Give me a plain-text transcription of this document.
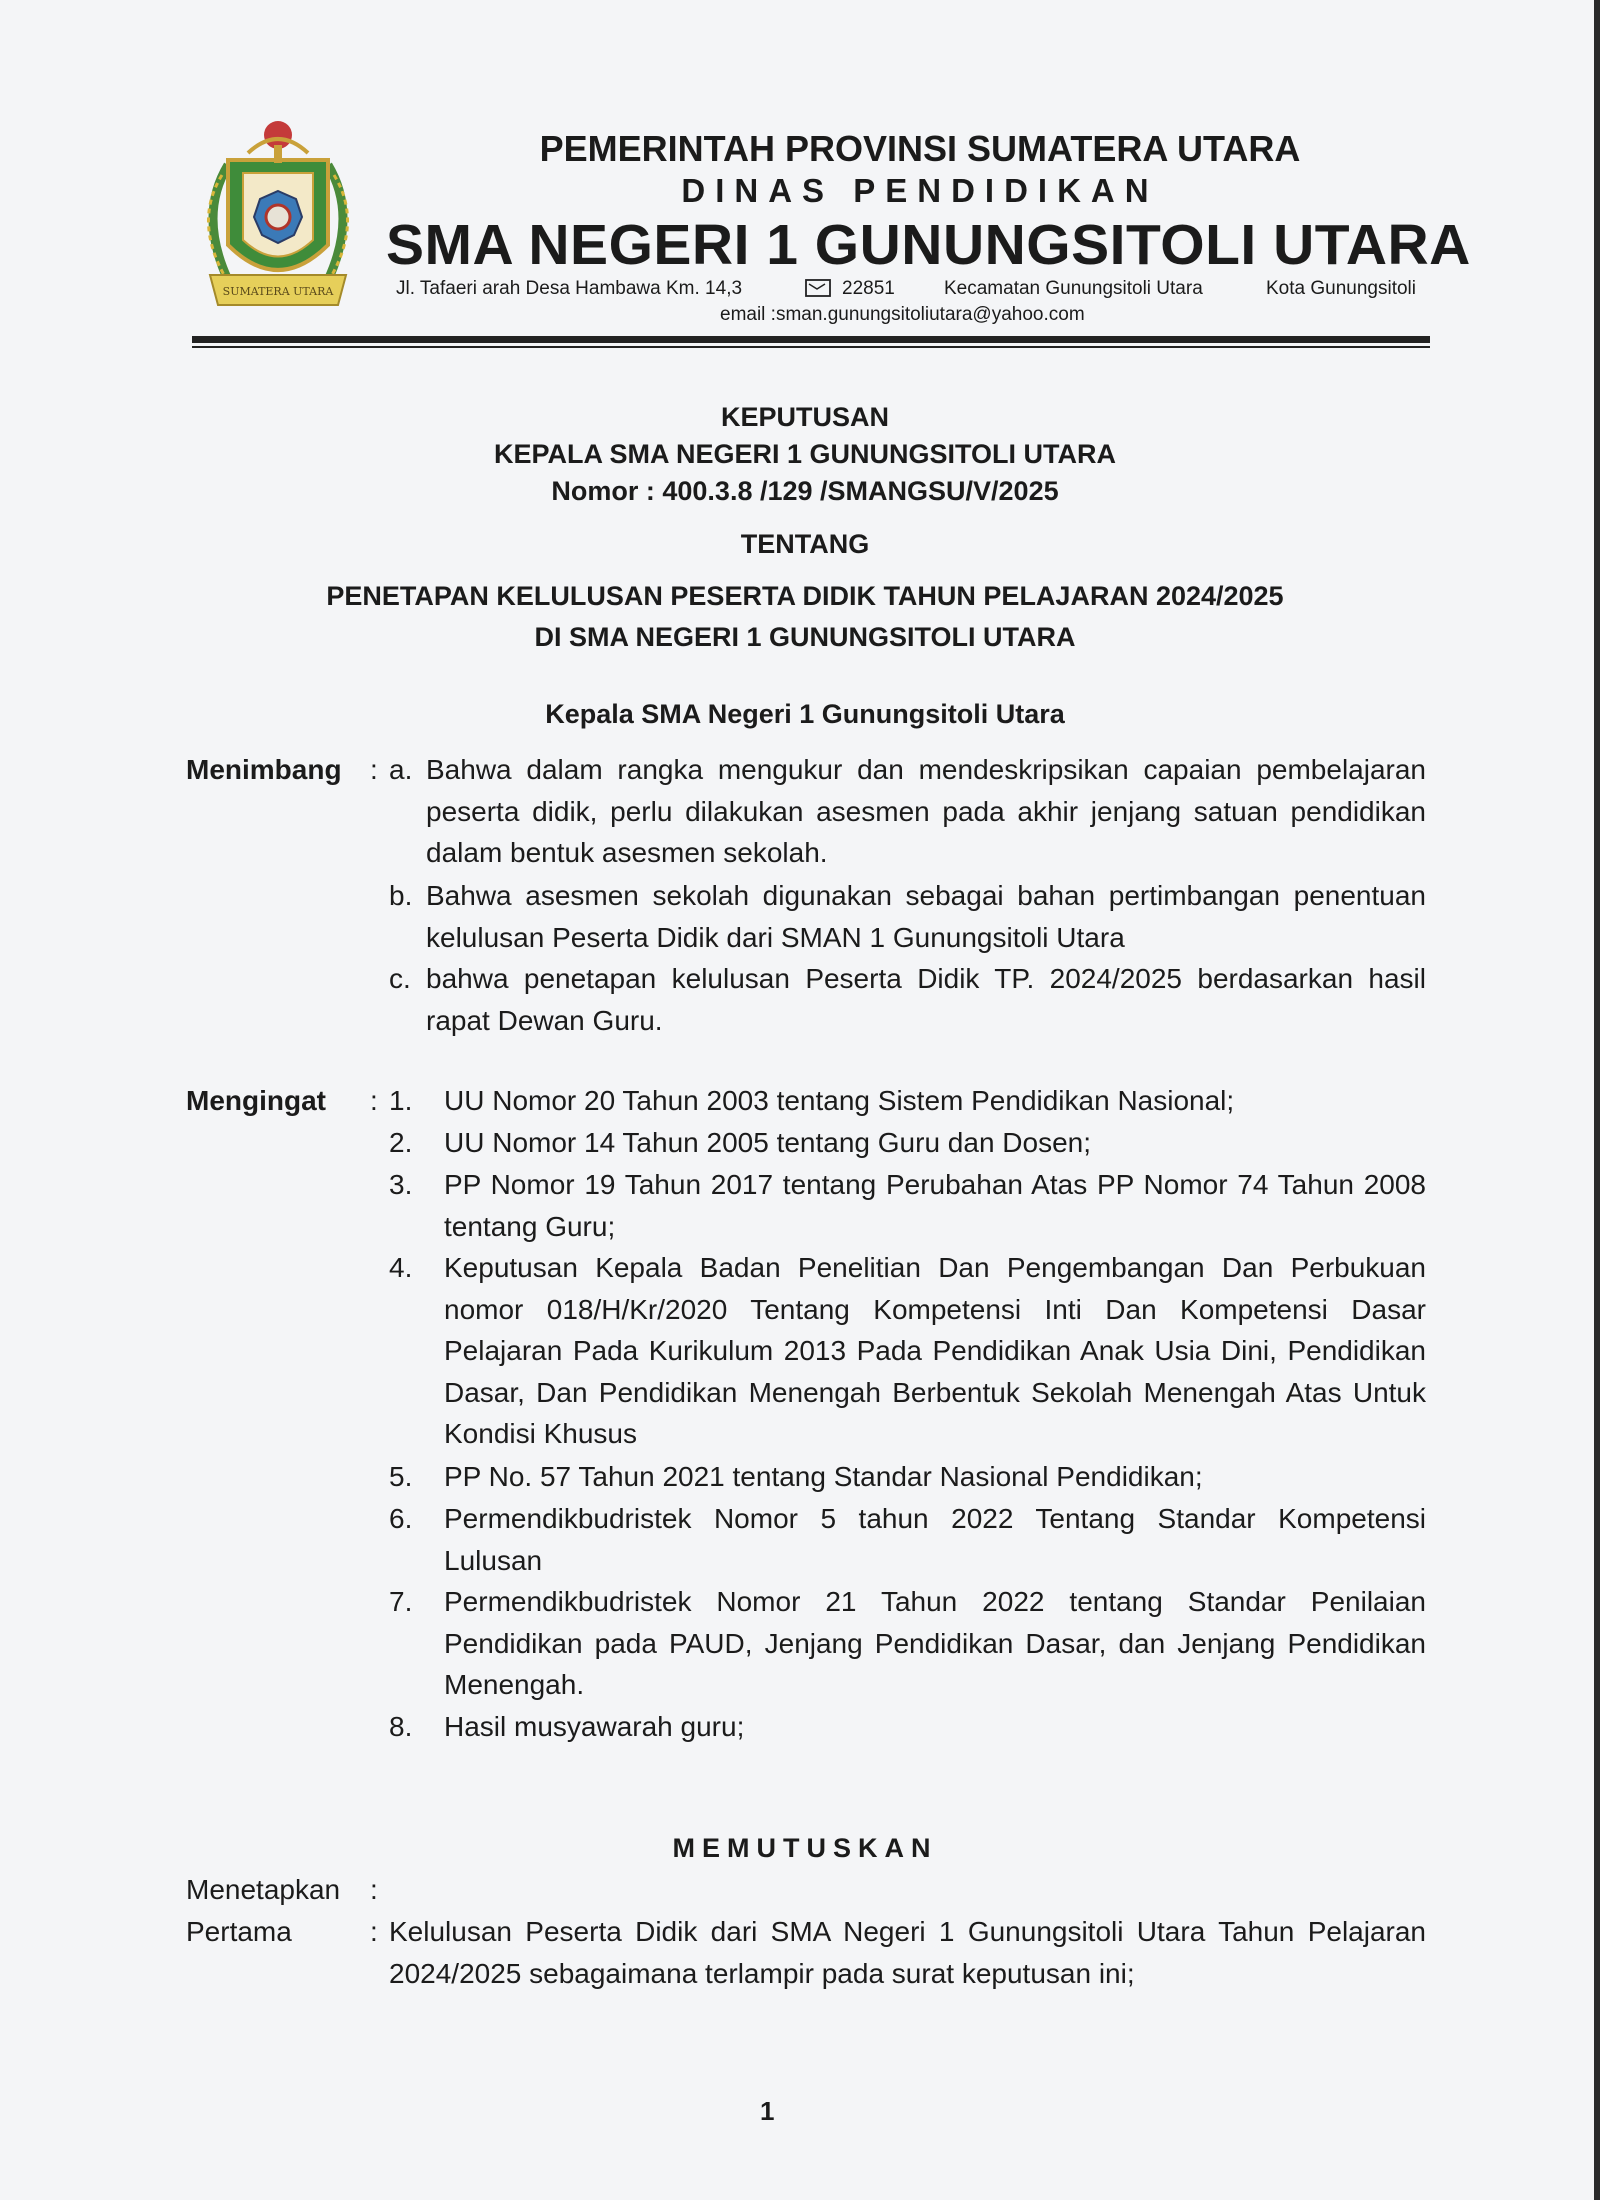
SUMATERA UTARA
PEMERINTAH PROVINSI SUMATERA UTARA
DINAS PENDIDIKAN
SMA NEGERI 1 GUNUNGSITOLI UTARA
Jl. Tafaeri arah Desa Hambawa Km. 14,3	22851	Kecamatan Gunungsitoli Utara	Kota Gunungsitoli
email :sman.gunungsitoliutara@yahoo.com
KEPUTUSAN
KEPALA SMA NEGERI 1 GUNUNGSITOLI UTARA
Nomor : 400.3.8 /129 /SMANGSU/V/2025
TENTANG
PENETAPAN KELULUSAN PESERTA DIDIK TAHUN PELAJARAN 2024/2025
DI SMA NEGERI 1 GUNUNGSITOLI UTARA
Kepala SMA Negeri 1 Gunungsitoli Utara
Menimbang : a. Bahwa dalam rangka mengukur dan mendeskripsikan capaian pembelajaran peserta didik, perlu dilakukan asesmen pada akhir jenjang satuan pendidikan dalam bentuk asesmen sekolah.
b. Bahwa asesmen sekolah digunakan sebagai bahan pertimbangan penentuan kelulusan Peserta Didik dari SMAN 1 Gunungsitoli Utara
c. bahwa penetapan kelulusan Peserta Didik TP. 2024/2025 berdasarkan hasil rapat Dewan Guru.
Mengingat : 1. UU Nomor 20 Tahun 2003 tentang Sistem Pendidikan Nasional;
2. UU Nomor 14 Tahun 2005 tentang Guru dan Dosen;
3. PP Nomor 19 Tahun 2017 tentang Perubahan Atas PP Nomor 74 Tahun 2008 tentang Guru;
4. Keputusan Kepala Badan Penelitian Dan Pengembangan Dan Perbukuan nomor 018/H/Kr/2020 Tentang Kompetensi Inti Dan Kompetensi Dasar Pelajaran Pada Kurikulum 2013 Pada Pendidikan Anak Usia Dini, Pendidikan Dasar, Dan Pendidikan Menengah Berbentuk Sekolah Menengah Atas Untuk Kondisi Khusus
5. PP No. 57 Tahun 2021 tentang Standar Nasional Pendidikan;
6. Permendikbudristek Nomor 5 tahun 2022 Tentang Standar Kompetensi Lulusan
7. Permendikbudristek Nomor 21 Tahun 2022 tentang Standar Penilaian Pendidikan pada PAUD, Jenjang Pendidikan Dasar, dan Jenjang Pendidikan Menengah.
8. Hasil musyawarah guru;
MEMUTUSKAN
Menetapkan :
Pertama	: Kelulusan Peserta Didik dari SMA Negeri 1 Gunungsitoli Utara Tahun Pelajaran 2024/2025 sebagaimana terlampir pada surat keputusan ini;
1
